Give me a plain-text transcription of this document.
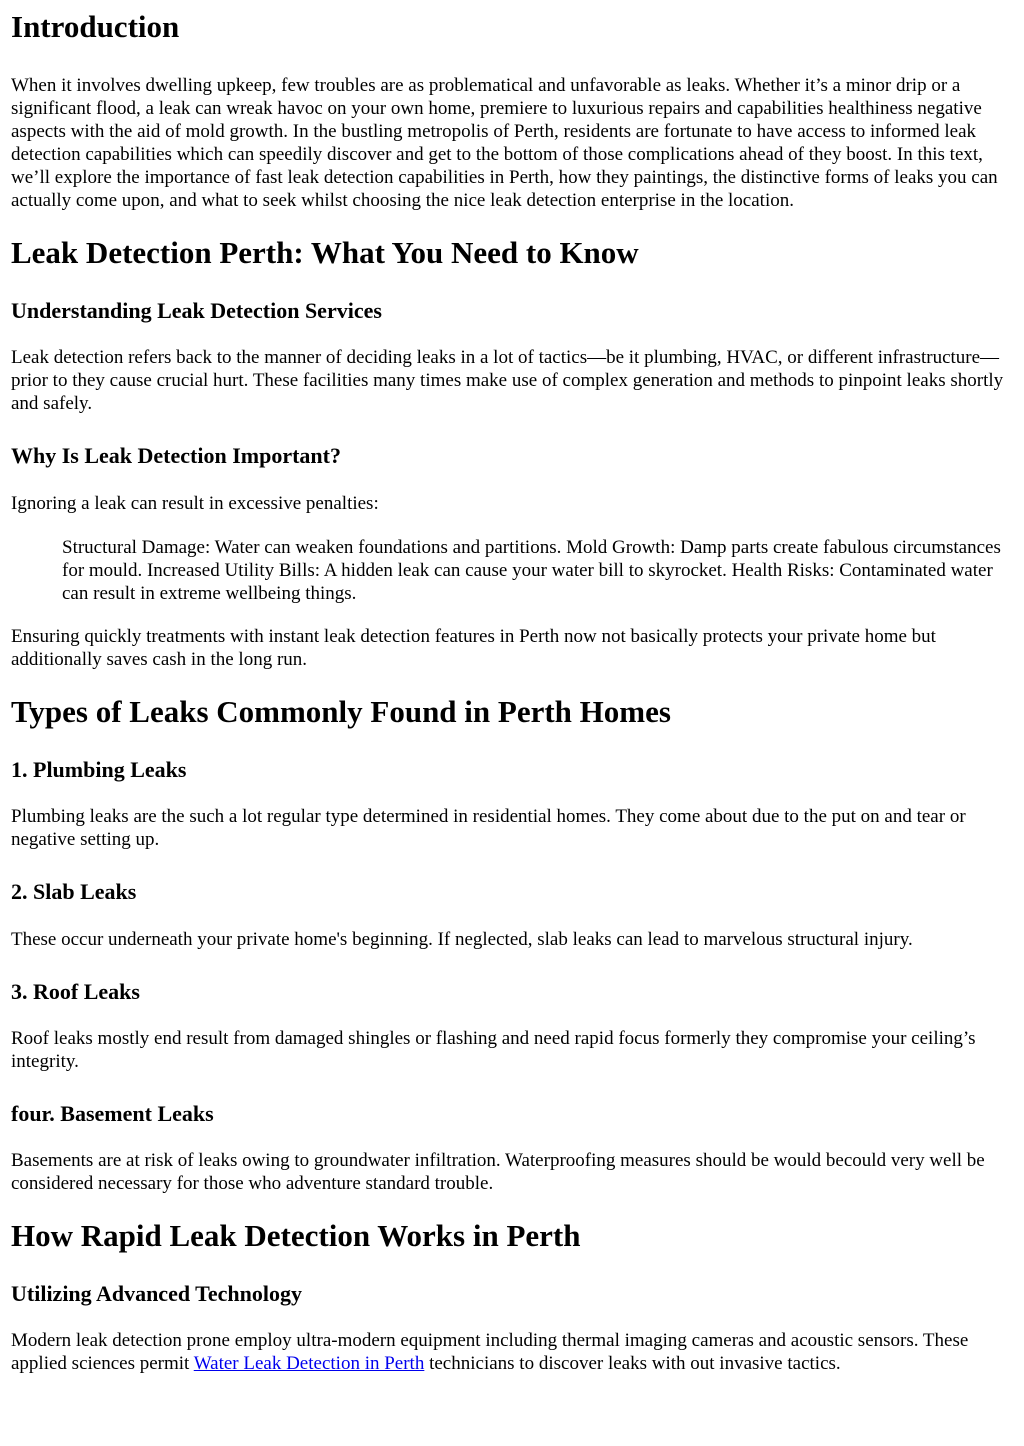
Introduction

When it involves dwelling upkeep, few troubles are as problematical and unfavorable as leaks. Whether it’s a minor drip or a significant flood, a leak can wreak havoc on your own home, premiere to luxurious repairs and capabilities healthiness negative aspects with the aid of mold growth. In the bustling metropolis of Perth, residents are fortunate to have access to informed leak detection capabilities which can speedily discover and get to the bottom of those complications ahead of they boost. In this text, we’ll explore the importance of fast leak detection capabilities in Perth, how they paintings, the distinctive forms of leaks you can actually come upon, and what to seek whilst choosing the nice leak detection enterprise in the location.

Leak Detection Perth: What You Need to Know
Understanding Leak Detection Services

Leak detection refers back to the manner of deciding leaks in a lot of tactics—be it plumbing, HVAC, or different infrastructure—prior to they cause crucial hurt. These facilities many times make use of complex generation and methods to pinpoint leaks shortly and safely.

Why Is Leak Detection Important?

Ignoring a leak can result in excessive penalties:

Structural Damage: Water can weaken foundations and partitions. Mold Growth: Damp parts create fabulous circumstances for mould. Increased Utility Bills: A hidden leak can cause your water bill to skyrocket. Health Risks: Contaminated water can result in extreme wellbeing things.

Ensuring quickly treatments with instant leak detection features in Perth now not basically protects your private home but additionally saves cash in the long run.

Types of Leaks Commonly Found in Perth Homes
1. Plumbing Leaks

Plumbing leaks are the such a lot regular type determined in residential homes. They come about due to the put on and tear or negative setting up.

2. Slab Leaks

These occur underneath your private home's beginning. If neglected, slab leaks can lead to marvelous structural injury.

3. Roof Leaks

Roof leaks mostly end result from damaged shingles or flashing and need rapid focus formerly they compromise your ceiling’s integrity.

four. Basement Leaks

Basements are at risk of leaks owing to groundwater infiltration. Waterproofing measures should be would becould very well be considered necessary for those who adventure standard trouble.

How Rapid Leak Detection Works in Perth
Utilizing Advanced Technology

Modern leak detection prone employ ultra-modern equipment including thermal imaging cameras and acoustic sensors. These applied sciences permit Water Leak Detection in Perth technicians to discover leaks with out invasive tactics.
